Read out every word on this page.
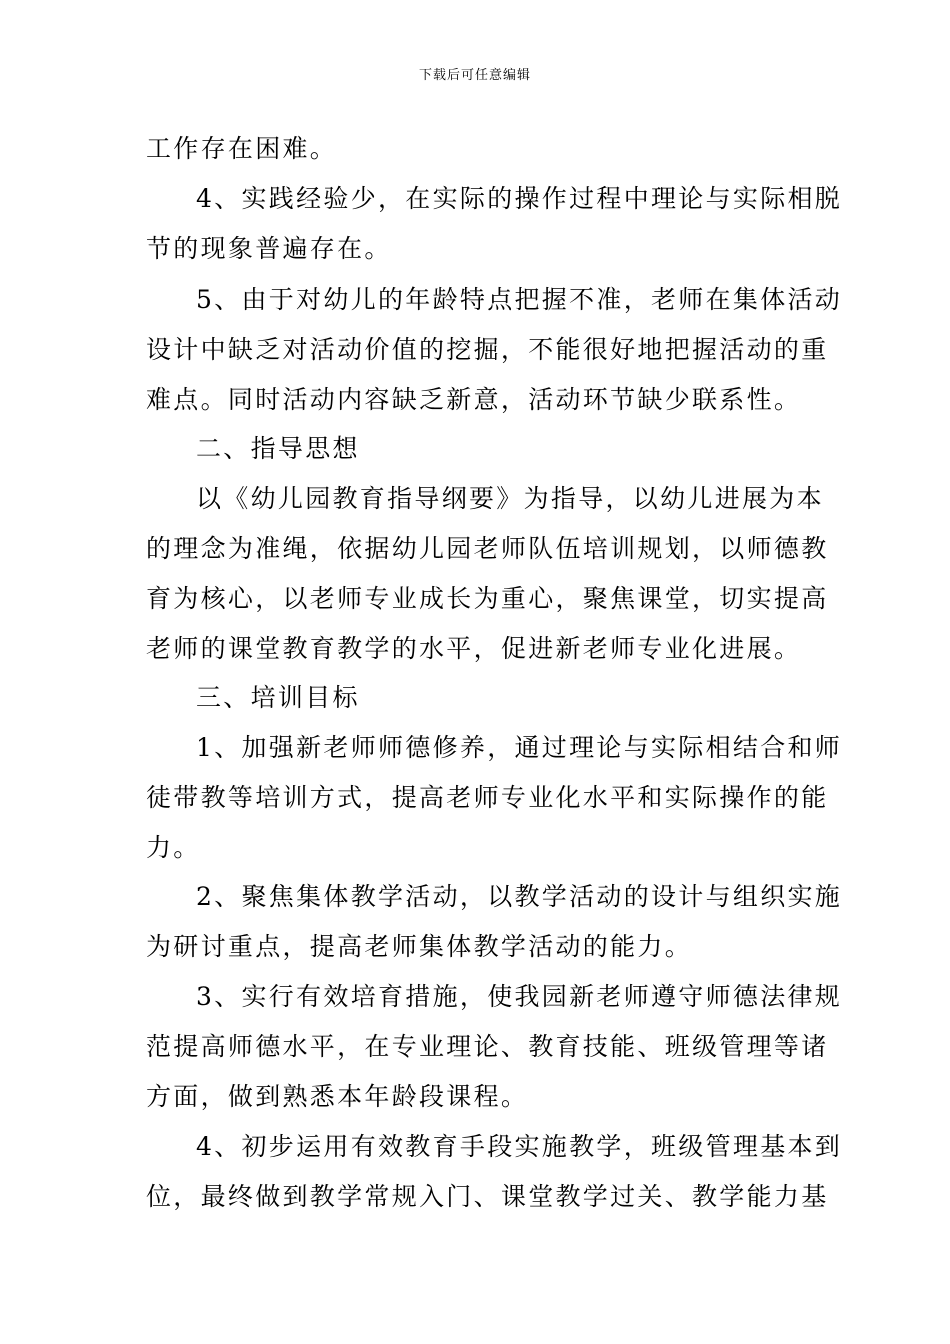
下载后可任意编辑
工作存在困难。
4、实践经验少，在实际的操作过程中理论与实际相脱
节的现象普遍存在。
5、由于对幼儿的年龄特点把握不准，老师在集体活动
设计中缺乏对活动价值的挖掘，不能很好地把握活动的重
难点。同时活动内容缺乏新意，活动环节缺少联系性。
二、指导思想
以《幼儿园教育指导纲要》为指导，以幼儿进展为本
的理念为准绳，依据幼儿园老师队伍培训规划，以师德教
育为核心，以老师专业成长为重心，聚焦课堂，切实提高
老师的课堂教育教学的水平，促进新老师专业化进展。
三、培训目标
1、加强新老师师德修养，通过理论与实际相结合和师
徒带教等培训方式，提高老师专业化水平和实际操作的能
力。
2、聚焦集体教学活动，以教学活动的设计与组织实施
为研讨重点，提高老师集体教学活动的能力。
3、实行有效培育措施，使我园新老师遵守师德法律规
范提高师德水平，在专业理论、教育技能、班级管理等诸
方面，做到熟悉本年龄段课程。
4、初步运用有效教育手段实施教学，班级管理基本到
位，最终做到教学常规入门、课堂教学过关、教学能力基
